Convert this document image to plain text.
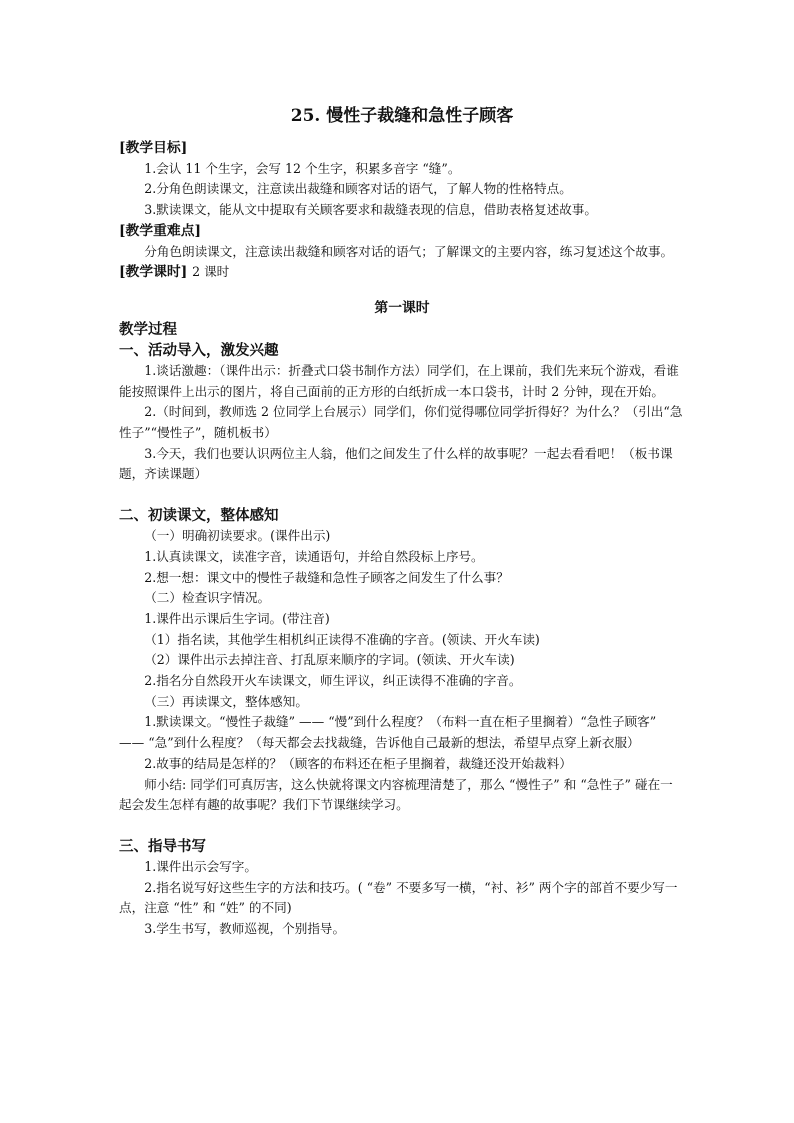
25. 慢性子裁缝和急性子顾客
[教学目标]

1.会认 11 个生字，会写 12 个生字，积累多音字 “缝”。

2.分角色朗读课文，注意读出裁缝和顾客对话的语气，了解人物的性格特点。

3.默读课文，能从文中提取有关顾客要求和裁缝表现的信息，借助表格复述故事。

[教学重难点]

分角色朗读课文，注意读出裁缝和顾客对话的语气；了解课文的主要内容，练习复述这个故事。

[教学课时] 2 课时
第一课时
教学过程
一、活动导入，激发兴趣

1.谈话激趣：（课件出示：折叠式口袋书制作方法）同学们，在上课前，我们先来玩个游戏，看谁能按照课件上出示的图片，将自己面前的正方形的白纸折成一本口袋书，计时 2 分钟，现在开始。

2.（时间到，教师选 2 位同学上台展示）同学们，你们觉得哪位同学折得好？为什么？（引出“急性子”“慢性子”，随机板书）

3.今天，我们也要认识两位主人翁，他们之间发生了什么样的故事呢？一起去看看吧！（板书课题，齐读课题）

二、初读课文，整体感知

（一）明确初读要求。(课件出示)

1.认真读课文，读准字音，读通语句，并给自然段标上序号。

2.想一想：课文中的慢性子裁缝和急性子顾客之间发生了什么事？

（二）检查识字情况。

1.课件出示课后生字词。(带注音)

（1）指名读，其他学生相机纠正读得不准确的字音。(领读、开火车读)

（2）课件出示去掉注音、打乱原来顺序的字词。(领读、开火车读)

2.指名分自然段开火车读课文，师生评议，纠正读得不准确的字音。

（三）再读课文，整体感知。

1.默读课文。“慢性子裁缝” —— “慢”到什么程度？（布料一直在柜子里搁着）“急性子顾客” —— “急”到什么程度？（每天都会去找裁缝，告诉他自己最新的想法，希望早点穿上新衣服）

2.故事的结局是怎样的？（顾客的布料还在柜子里搁着，裁缝还没开始裁料）

师小结: 同学们可真厉害，这么快就将课文内容梳理清楚了，那么 “慢性子” 和 “急性子” 碰在一起会发生怎样有趣的故事呢？我们下节课继续学习。

三、指导书写

1.课件出示会写字。

2.指名说写好这些生字的方法和技巧。( “卷” 不要多写一横，“衬、衫” 两个字的部首不要少写一点，注意 “性” 和 “姓” 的不同)

3.学生书写，教师巡视，个别指导。
